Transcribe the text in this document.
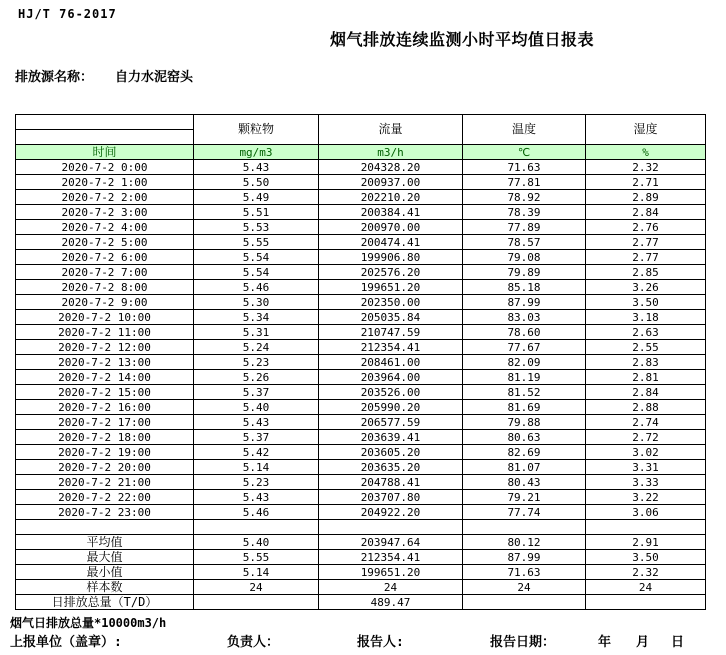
HJ/T 76-2017
烟气排放连续监测小时平均值日报表
排放源名称： 自力水泥窑头
	颗粒物	流量	温度	湿度

时间	mg/m3	m3/h	℃	%
2020-7-2 0:00	5.43	204328.20	71.63	2.32
2020-7-2 1:00	5.50	200937.00	77.81	2.71
2020-7-2 2:00	5.49	202210.20	78.92	2.89
2020-7-2 3:00	5.51	200384.41	78.39	2.84
2020-7-2 4:00	5.53	200970.00	77.89	2.76
2020-7-2 5:00	5.55	200474.41	78.57	2.77
2020-7-2 6:00	5.54	199906.80	79.08	2.77
2020-7-2 7:00	5.54	202576.20	79.89	2.85
2020-7-2 8:00	5.46	199651.20	85.18	3.26
2020-7-2 9:00	5.30	202350.00	87.99	3.50
2020-7-2 10:00	5.34	205035.84	83.03	3.18
2020-7-2 11:00	5.31	210747.59	78.60	2.63
2020-7-2 12:00	5.24	212354.41	77.67	2.55
2020-7-2 13:00	5.23	208461.00	82.09	2.83
2020-7-2 14:00	5.26	203964.00	81.19	2.81
2020-7-2 15:00	5.37	203526.00	81.52	2.84
2020-7-2 16:00	5.40	205990.20	81.69	2.88
2020-7-2 17:00	5.43	206577.59	79.88	2.74
2020-7-2 18:00	5.37	203639.41	80.63	2.72
2020-7-2 19:00	5.42	203605.20	82.69	3.02
2020-7-2 20:00	5.14	203635.20	81.07	3.31
2020-7-2 21:00	5.23	204788.41	80.43	3.33
2020-7-2 22:00	5.43	203707.80	79.21	3.22
2020-7-2 23:00	5.46	204922.20	77.74	3.06

平均值	5.40	203947.64	80.12	2.91
最大值	5.55	212354.41	87.99	3.50
最小值	5.14	199651.20	71.63	2.32
样本数	24	24	24	24
日排放总量（T/D）		489.47		
烟气日排放总量*10000m3/h
上报单位（盖章）:	负责人：	报告人:	报告日期：	年 月 日
